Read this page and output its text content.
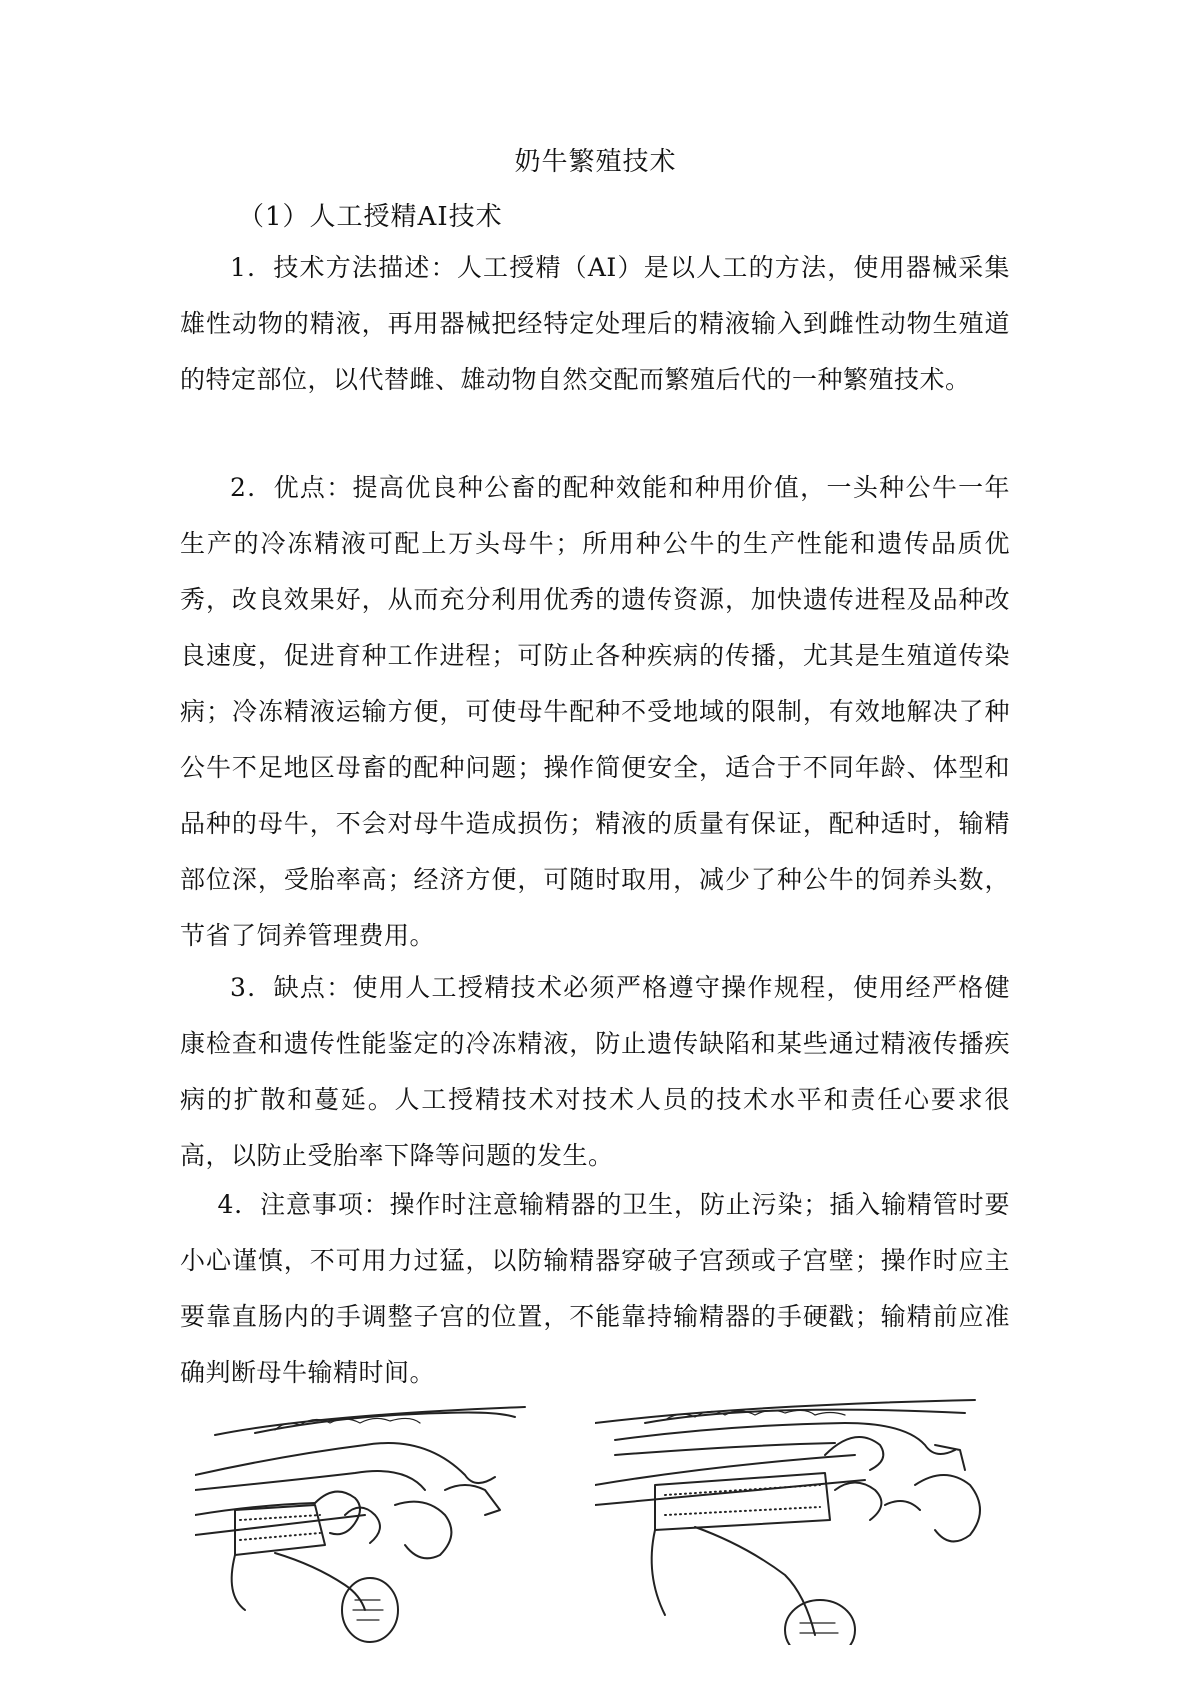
奶牛繁殖技术
（1）人工授精AI技术

1．技术方法描述：人工授精（AI）是以人工的方法，使用器械采集雄性动物的精液，再用器械把经特定处理后的精液输入到雌性动物生殖道的特定部位，以代替雌、雄动物自然交配而繁殖后代的一种繁殖技术。

2．优点：提高优良种公畜的配种效能和种用价值，一头种公牛一年生产的冷冻精液可配上万头母牛；所用种公牛的生产性能和遗传品质优秀，改良效果好，从而充分利用优秀的遗传资源，加快遗传进程及品种改良速度，促进育种工作进程；可防止各种疾病的传播，尤其是生殖道传染病；冷冻精液运输方便，可使母牛配种不受地域的限制，有效地解决了种公牛不足地区母畜的配种问题；操作简便安全，适合于不同年龄、体型和品种的母牛，不会对母牛造成损伤；精液的质量有保证，配种适时，输精部位深，受胎率高；经济方便，可随时取用，减少了种公牛的饲养头数，节省了饲养管理费用。

3．缺点：使用人工授精技术必须严格遵守操作规程，使用经严格健康检查和遗传性能鉴定的冷冻精液，防止遗传缺陷和某些通过精液传播疾病的扩散和蔓延。人工授精技术对技术人员的技术水平和责任心要求很高，以防止受胎率下降等问题的发生。

4．注意事项：操作时注意输精器的卫生，防止污染；插入输精管时要小心谨慎，不可用力过猛，以防输精器穿破子宫颈或子宫壁；操作时应主要靠直肠内的手调整子宫的位置，不能靠持输精器的手硬戳；输精前应准确判断母牛输精时间。
